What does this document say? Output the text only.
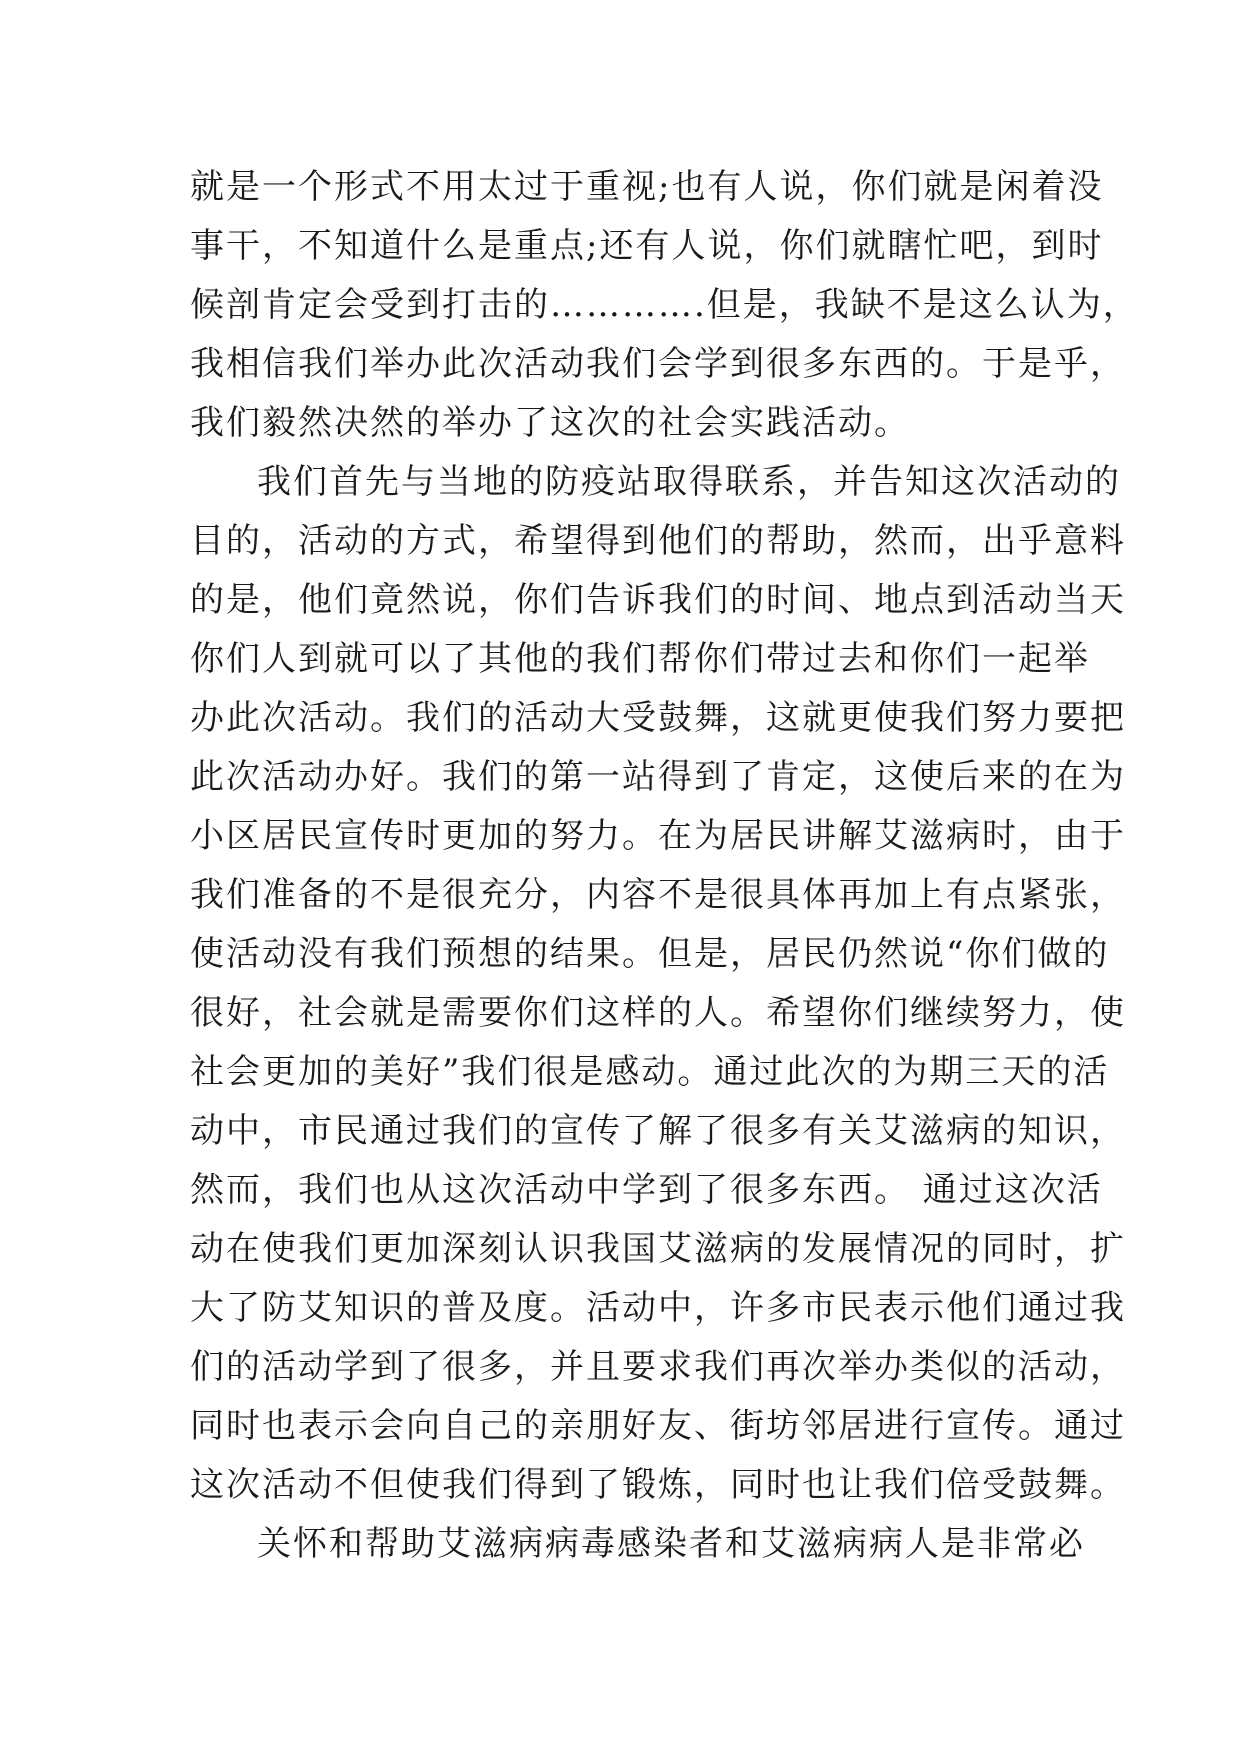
就是一个形式不用太过于重视;也有人说，你们就是闲着没
事干，不知道什么是重点;还有人说，你们就瞎忙吧，到时
候剖肯定会受到打击的………….但是，我缺不是这么认为，
我相信我们举办此次活动我们会学到很多东西的。于是乎，
我们毅然决然的举办了这次的社会实践活动。
我们首先与当地的防疫站取得联系，并告知这次活动的
目的，活动的方式，希望得到他们的帮助，然而，出乎意料
的是，他们竟然说，你们告诉我们的时间、地点到活动当天
你们人到就可以了其他的我们帮你们带过去和你们一起举
办此次活动。我们的活动大受鼓舞，这就更使我们努力要把
此次活动办好。我们的第一站得到了肯定，这使后来的在为
小区居民宣传时更加的努力。在为居民讲解艾滋病时，由于
我们准备的不是很充分，内容不是很具体再加上有点紧张，
使活动没有我们预想的结果。但是，居民仍然说“你们做的
很好，社会就是需要你们这样的人。希望你们继续努力，使
社会更加的美好”我们很是感动。通过此次的为期三天的活
动中，市民通过我们的宣传了解了很多有关艾滋病的知识，
然而，我们也从这次活动中学到了很多东西。 通过这次活
动在使我们更加深刻认识我国艾滋病的发展情况的同时，扩
大了防艾知识的普及度。活动中，许多市民表示他们通过我
们的活动学到了很多，并且要求我们再次举办类似的活动，
同时也表示会向自己的亲朋好友、街坊邻居进行宣传。通过
这次活动不但使我们得到了锻炼，同时也让我们倍受鼓舞。
关怀和帮助艾滋病病毒感染者和艾滋病病人是非常必
